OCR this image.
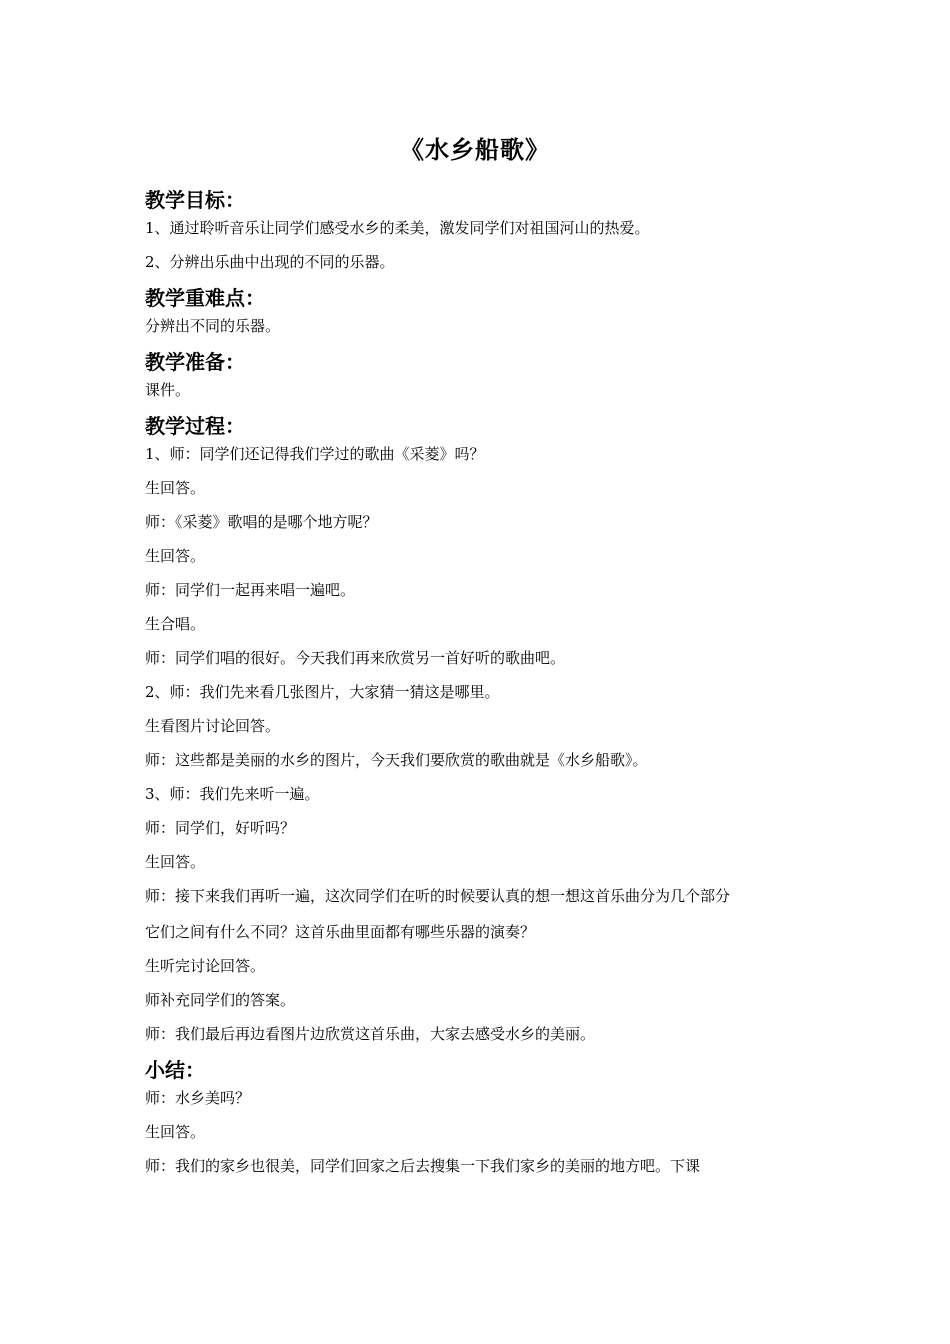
《水乡船歌》
教学目标：
1、通过聆听音乐让同学们感受水乡的柔美，激发同学们对祖国河山的热爱。
2、分辨出乐曲中出现的不同的乐器。
教学重难点：
分辨出不同的乐器。
教学准备：
课件。
教学过程：
1、师：同学们还记得我们学过的歌曲《采菱》吗？
生回答。
师：《采菱》歌唱的是哪个地方呢？
生回答。
师：同学们一起再来唱一遍吧。
生合唱。
师：同学们唱的很好。今天我们再来欣赏另一首好听的歌曲吧。
2、师：我们先来看几张图片，大家猜一猜这是哪里。
生看图片讨论回答。
师：这些都是美丽的水乡的图片，今天我们要欣赏的歌曲就是《水乡船歌》。
3、师：我们先来听一遍。
师：同学们，好听吗？
生回答。
师：接下来我们再听一遍，这次同学们在听的时候要认真的想一想这首乐曲分为几个部分
它们之间有什么不同？这首乐曲里面都有哪些乐器的演奏？
生听完讨论回答。
师补充同学们的答案。
师：我们最后再边看图片边欣赏这首乐曲，大家去感受水乡的美丽。
小结：
师：水乡美吗？
生回答。
师：我们的家乡也很美，同学们回家之后去搜集一下我们家乡的美丽的地方吧。下课
